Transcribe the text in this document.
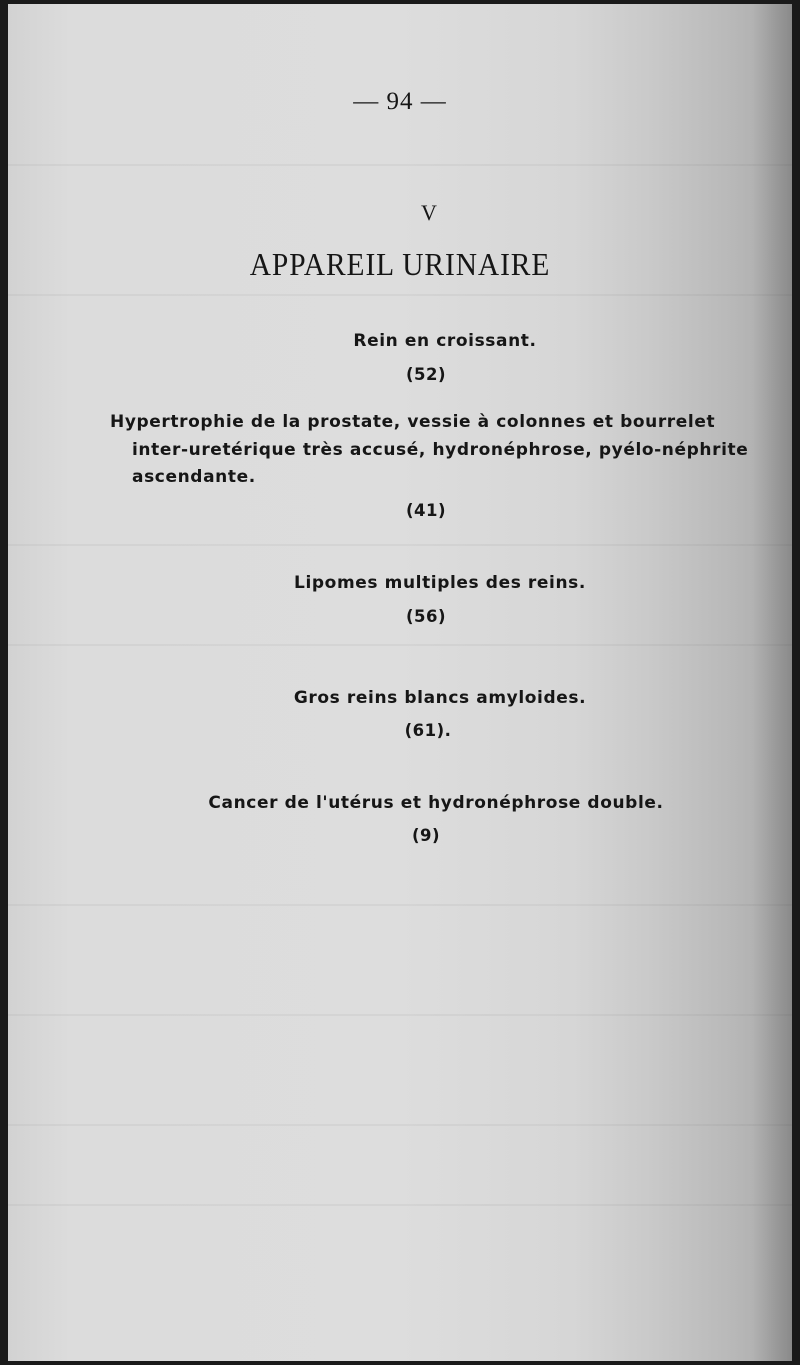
— 94 —
V
APPAREIL URINAIRE
Rein en croissant.
(52)
Hypertrophie de la prostate, vessie à colonnes et bourrelet
inter-uretérique très accusé, hydronéphrose, pyélo-néphrite
ascendante.
(41)
Lipomes multiples des reins.
(56)
Gros reins blancs amyloides.
(61).
Cancer de l'utérus et hydronéphrose double.
(9)
